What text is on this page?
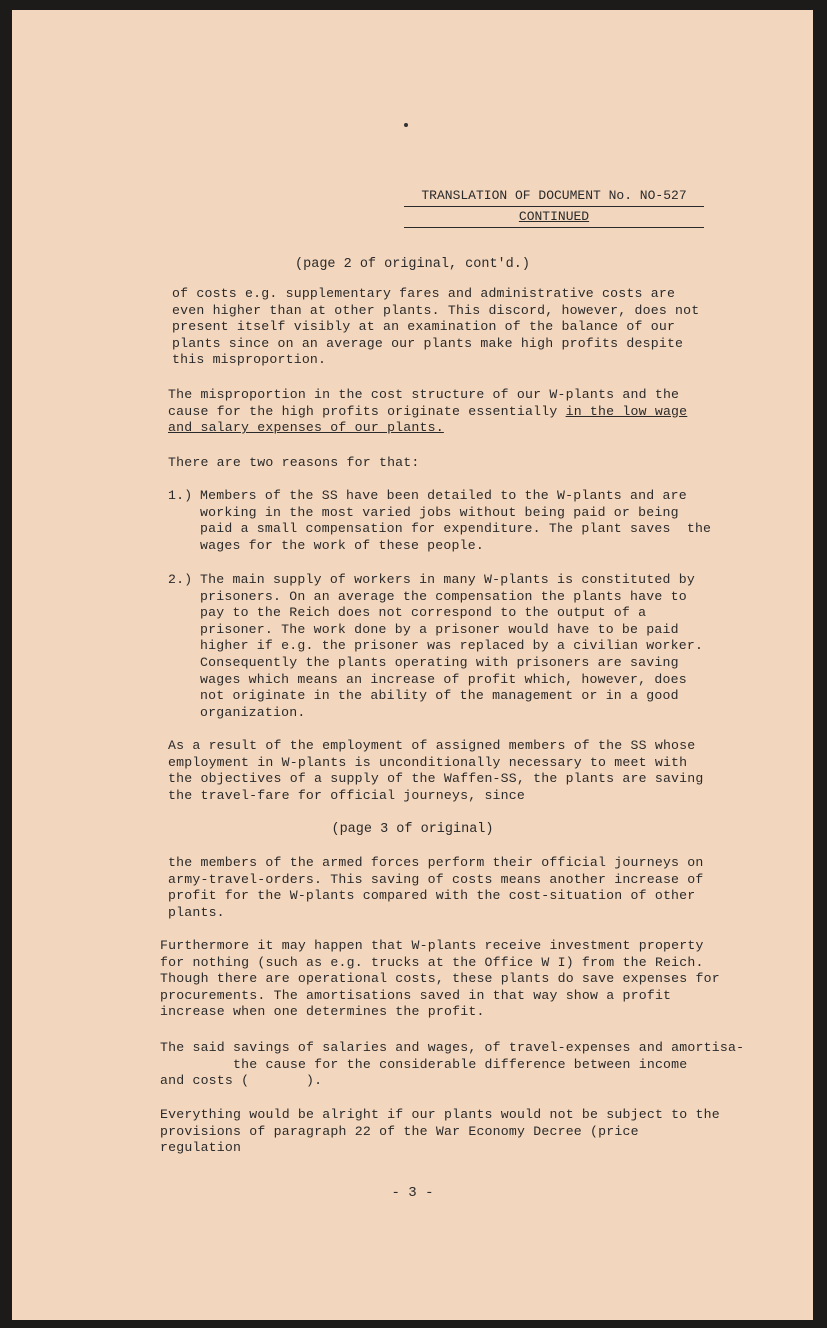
TRANSLATION OF DOCUMENT No. NO-527
CONTINUED
(page 2 of original, cont'd.)

of costs e.g. supplementary fares and administrative costs are
even higher than at other plants. This discord, however, does not
present itself visibly at an examination of the balance of our
plants since on an average our plants make high profits despite
this misproportion.

The misproportion in the cost structure of our W-plants and the
cause for the high profits originate essentially in the low wage
and salary expenses of our plants.

There are two reasons for that:

1.) Members of the SS have been detailed to the W-plants and are
working in the most varied jobs without being paid or being
paid a small compensation for expenditure. The plant saves  the
wages for the work of these people.
2.) The main supply of workers in many W-plants is constituted by
prisoners. On an average the compensation the plants have to
pay to the Reich does not correspond to the output of a
prisoner. The work done by a prisoner would have to be paid
higher if e.g. the prisoner was replaced by a civilian worker.
Consequently the plants operating with prisoners are saving
wages which means an increase of profit which, however, does
not originate in the ability of the management or in a good
organization.

As a result of the employment of assigned members of the SS whose
employment in W-plants is unconditionally necessary to meet with
the objectives of a supply of the Waffen-SS, the plants are saving
the travel-fare for official journeys, since

(page 3 of original)

the members of the armed forces perform their official journeys on
army-travel-orders. This saving of costs means another increase of
profit for the W-plants compared with the cost-situation of other
plants.

Furthermore it may happen that W-plants receive investment property
for nothing (such as e.g. trucks at the Office W I) from the Reich.
Though there are operational costs, these plants do save expenses for
procurements. The amortisations saved in that way show a profit
increase when one determines the profit.

The said savings of salaries and wages, of travel-expenses and amortisa-
the cause for the considerable difference between income
and costs (       ).

Everything would be alright if our plants would not be subject to the
provisions of paragraph 22 of the War Economy Decree (price
regulation

- 3 -
